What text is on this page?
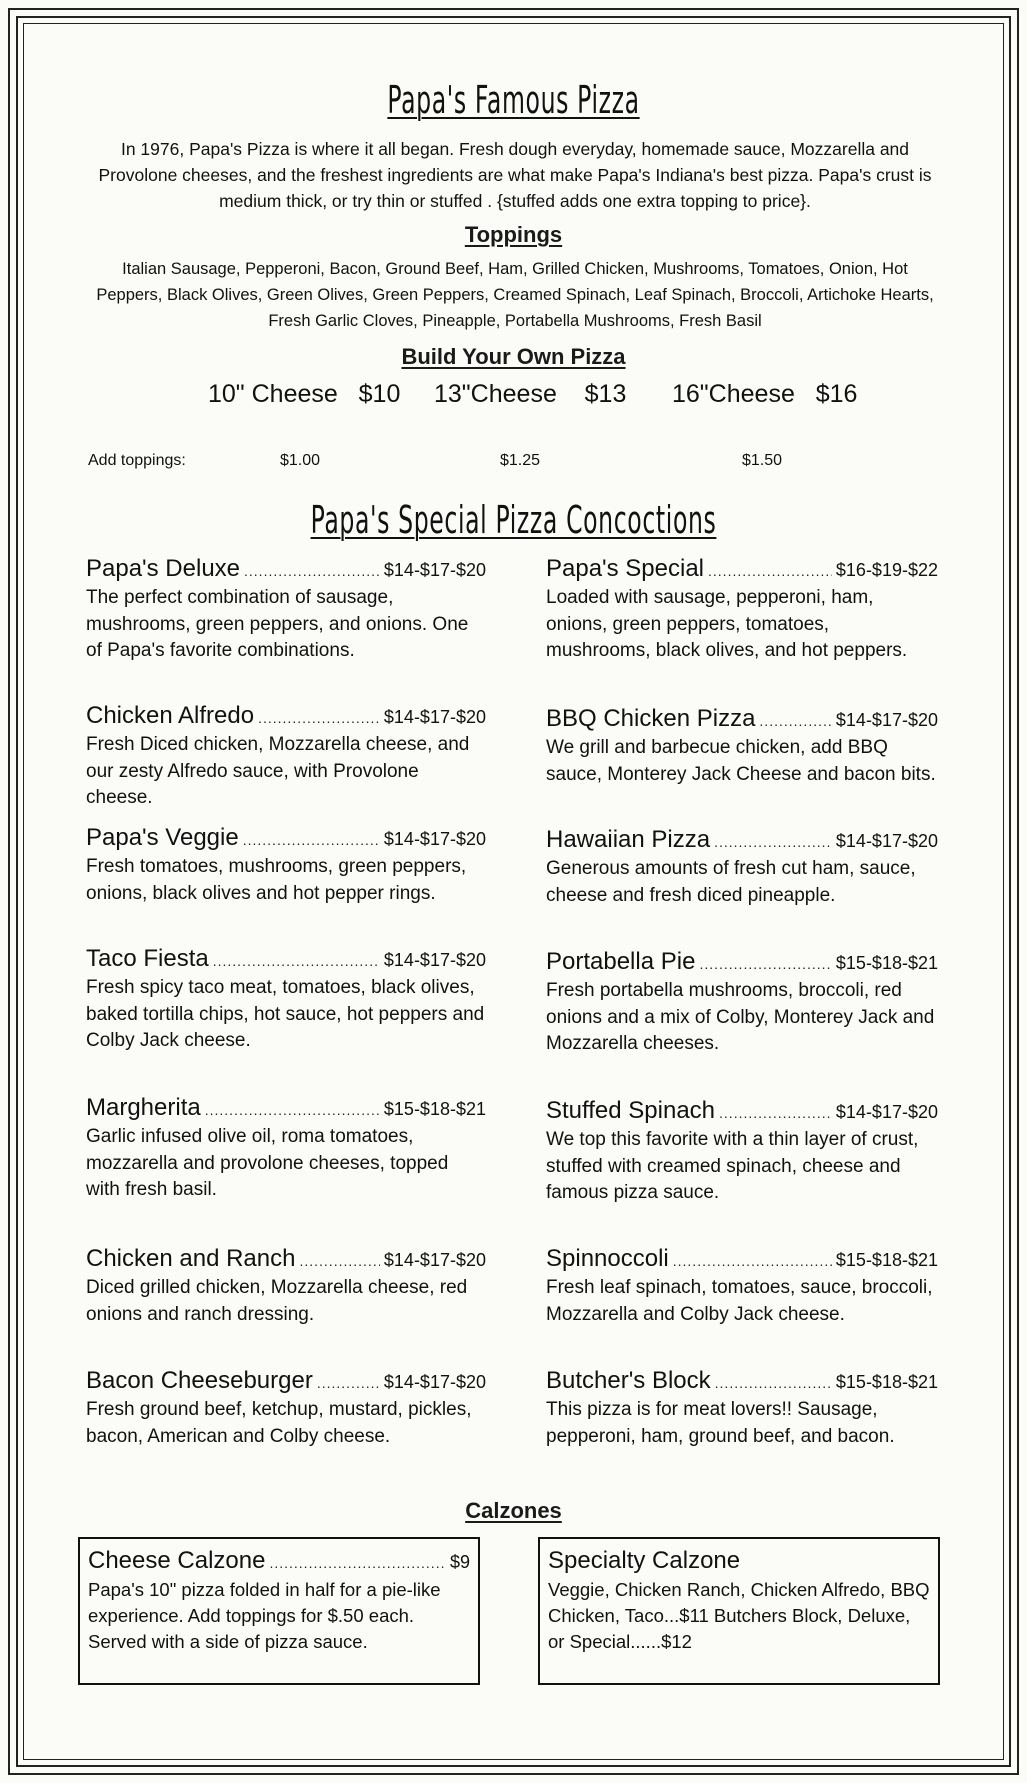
Papa's Famous Pizza
In 1976, Papa's Pizza is where it all began. Fresh dough everyday, homemade sauce, Mozzarella and Provolone cheeses, and the freshest ingredients are what make Papa's Indiana's best pizza. Papa's crust is medium thick, or try thin or stuffed . {stuffed adds one extra topping to price}.
Toppings
Italian Sausage, Pepperoni, Bacon, Ground Beef, Ham, Grilled Chicken, Mushrooms, Tomatoes, Onion, Hot Peppers, Black Olives, Green Olives, Green Peppers, Creamed Spinach, Leaf Spinach, Broccoli, Artichoke Hearts, Fresh Garlic Cloves, Pineapple, Portabella Mushrooms, Fresh Basil
Build Your Own Pizza
10" Cheese $10 13"Cheese $13 16"Cheese $16
Add toppings:	$1.00	$1.25	$1.50
Papa's Special Pizza Concoctions
Papa's Deluxe .....	$14-$17-$20
The perfect combination of sausage, mushrooms, green peppers, and onions. One of Papa's favorite combinations.
Chicken Alfredo .....	$14-$17-$20
Fresh Diced chicken, Mozzarella cheese, and our zesty Alfredo sauce, with Provolone cheese.
Papa's Veggie .....	$14-$17-$20
Fresh tomatoes, mushrooms, green peppers, onions, black olives and hot pepper rings.
Taco Fiesta .....	$14-$17-$20
Fresh spicy taco meat, tomatoes, black olives, baked tortilla chips, hot sauce, hot peppers and Colby Jack cheese.
Margherita .....	$15-$18-$21
Garlic infused olive oil, roma tomatoes, mozzarella and provolone cheeses, topped with fresh basil.
Chicken and Ranch .....	$14-$17-$20
Diced grilled chicken, Mozzarella cheese, red onions and ranch dressing.
Bacon Cheeseburger .....	$14-$17-$20
Fresh ground beef, ketchup, mustard, pickles, bacon, American and Colby cheese.
Papa's Special .....	$16-$19-$22
Loaded with sausage, pepperoni, ham, onions, green peppers, tomatoes, mushrooms, black olives, and hot peppers.
BBQ Chicken Pizza .....	$14-$17-$20
We grill and barbecue chicken, add BBQ sauce, Monterey Jack Cheese and bacon bits.
Hawaiian Pizza .....	$14-$17-$20
Generous amounts of fresh cut ham, sauce, cheese and fresh diced pineapple.
Portabella Pie .....	$15-$18-$21
Fresh portabella mushrooms, broccoli, red onions and a mix of Colby, Monterey Jack and Mozzarella cheeses.
Stuffed Spinach .....	$14-$17-$20
We top this favorite with a thin layer of crust, stuffed with creamed spinach, cheese and famous pizza sauce.
Spinnoccoli .....	$15-$18-$21
Fresh leaf spinach, tomatoes, sauce, broccoli, Mozzarella and Colby Jack cheese.
Butcher's Block .....	$15-$18-$21
This pizza is for meat lovers!! Sausage, pepperoni, ham, ground beef, and bacon.
Calzones
Cheese Calzone .....	$9
Papa's 10" pizza folded in half for a pie-like experience. Add toppings for $.50 each. Served with a side of pizza sauce.
Specialty Calzone
Veggie, Chicken Ranch, Chicken Alfredo, BBQ Chicken, Taco...$11 Butchers Block, Deluxe, or Special......$12
